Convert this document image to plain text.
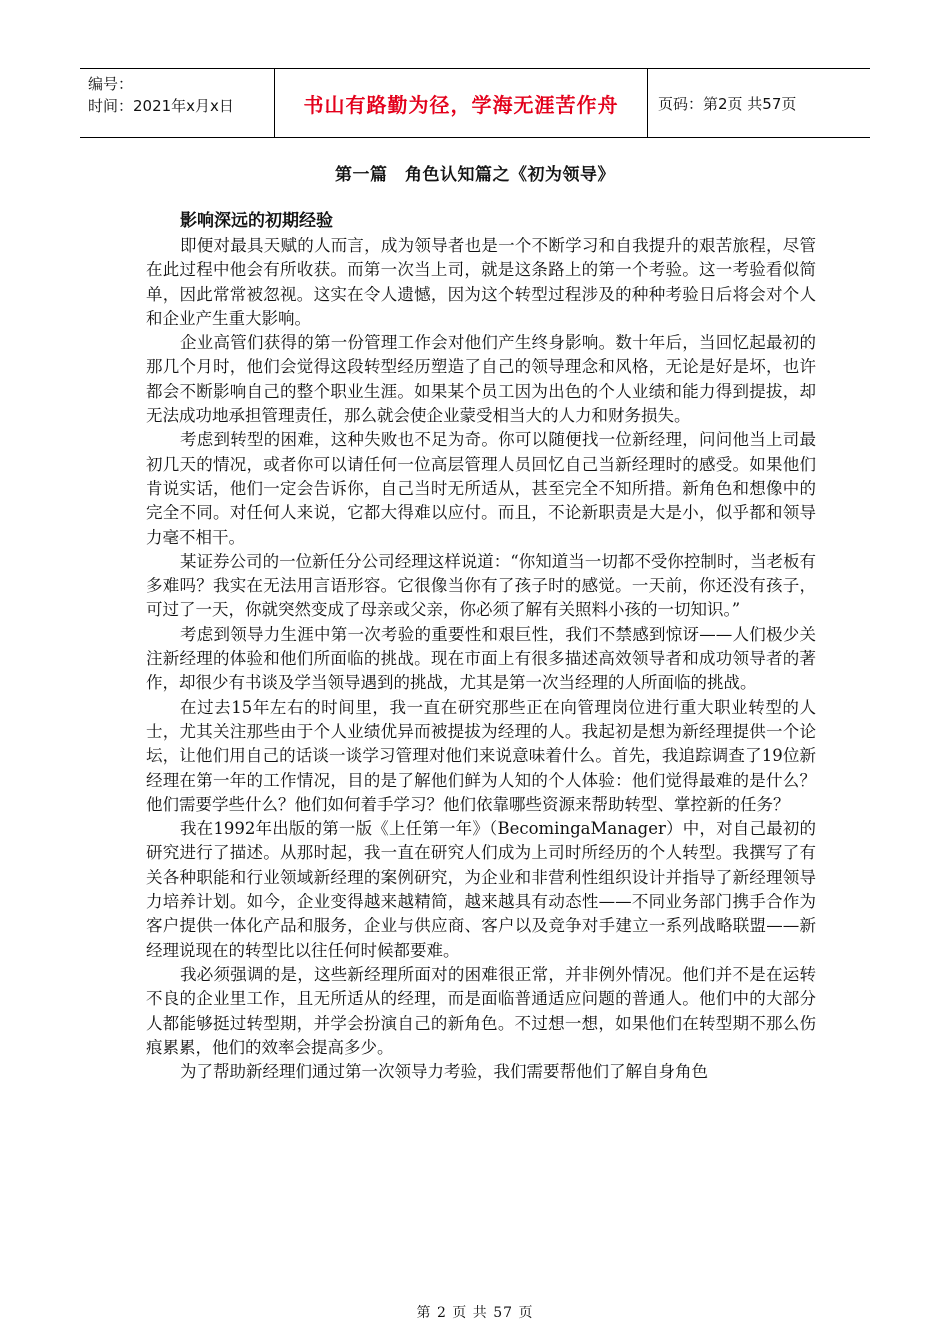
编号：
时间：2021年x月x日	书山有路勤为径，学海无涯苦作舟	页码：第2页 共57页
第一篇　角色认知篇之《初为领导》

影响深远的初期经验

即便对最具天赋的人而言，成为领导者也是一个不断学习和自我提升的艰苦旅程，尽管在此过程中他会有所收获。而第一次当上司，就是这条路上的第一个考验。这一考验看似简单，因此常常被忽视。这实在令人遗憾，因为这个转型过程涉及的种种考验日后将会对个人和企业产生重大影响。

企业高管们获得的第一份管理工作会对他们产生终身影响。数十年后，当回忆起最初的那几个月时，他们会觉得这段转型经历塑造了自己的领导理念和风格，无论是好是坏，也许都会不断影响自己的整个职业生涯。如果某个员工因为出色的个人业绩和能力得到提拔，却无法成功地承担管理责任，那么就会使企业蒙受相当大的人力和财务损失。

考虑到转型的困难，这种失败也不足为奇。你可以随便找一位新经理，问问他当上司最初几天的情况，或者你可以请任何一位高层管理人员回忆自己当新经理时的感受。如果他们肯说实话，他们一定会告诉你，自己当时无所适从，甚至完全不知所措。新角色和想像中的完全不同。对任何人来说，它都大得难以应付。而且，不论新职责是大是小，似乎都和领导力毫不相干。

某证券公司的一位新任分公司经理这样说道：“你知道当一切都不受你控制时，当老板有多难吗？我实在无法用言语形容。它很像当你有了孩子时的感觉。一天前，你还没有孩子，可过了一天，你就突然变成了母亲或父亲，你必须了解有关照料小孩的一切知识。”

考虑到领导力生涯中第一次考验的重要性和艰巨性，我们不禁感到惊讶——人们极少关注新经理的体验和他们所面临的挑战。现在市面上有很多描述高效领导者和成功领导者的著作，却很少有书谈及学当领导遇到的挑战，尤其是第一次当经理的人所面临的挑战。

在过去15年左右的时间里，我一直在研究那些正在向管理岗位进行重大职业转型的人士，尤其关注那些由于个人业绩优异而被提拔为经理的人。我起初是想为新经理提供一个论坛，让他们用自己的话谈一谈学习管理对他们来说意味着什么。首先，我追踪调查了19位新经理在第一年的工作情况，目的是了解他们鲜为人知的个人体验：他们觉得最难的是什么？他们需要学些什么？他们如何着手学习？他们依靠哪些资源来帮助转型、掌控新的任务？

我在1992年出版的第一版《上任第一年》（BecomingaManager）中，对自己最初的研究进行了描述。从那时起，我一直在研究人们成为上司时所经历的个人转型。我撰写了有关各种职能和行业领域新经理的案例研究，为企业和非营利性组织设计并指导了新经理领导力培养计划。如今，企业变得越来越精简，越来越具有动态性——不同业务部门携手合作为客户提供一体化产品和服务，企业与供应商、客户以及竞争对手建立一系列战略联盟——新经理说现在的转型比以往任何时候都要难。

我必须强调的是，这些新经理所面对的困难很正常，并非例外情况。他们并不是在运转不良的企业里工作，且无所适从的经理，而是面临普通适应问题的普通人。他们中的大部分人都能够挺过转型期，并学会扮演自己的新角色。不过想一想，如果他们在转型期不那么伤痕累累，他们的效率会提高多少。

为了帮助新经理们通过第一次领导力考验，我们需要帮他们了解自身角色

第 2 页 共 57 页
